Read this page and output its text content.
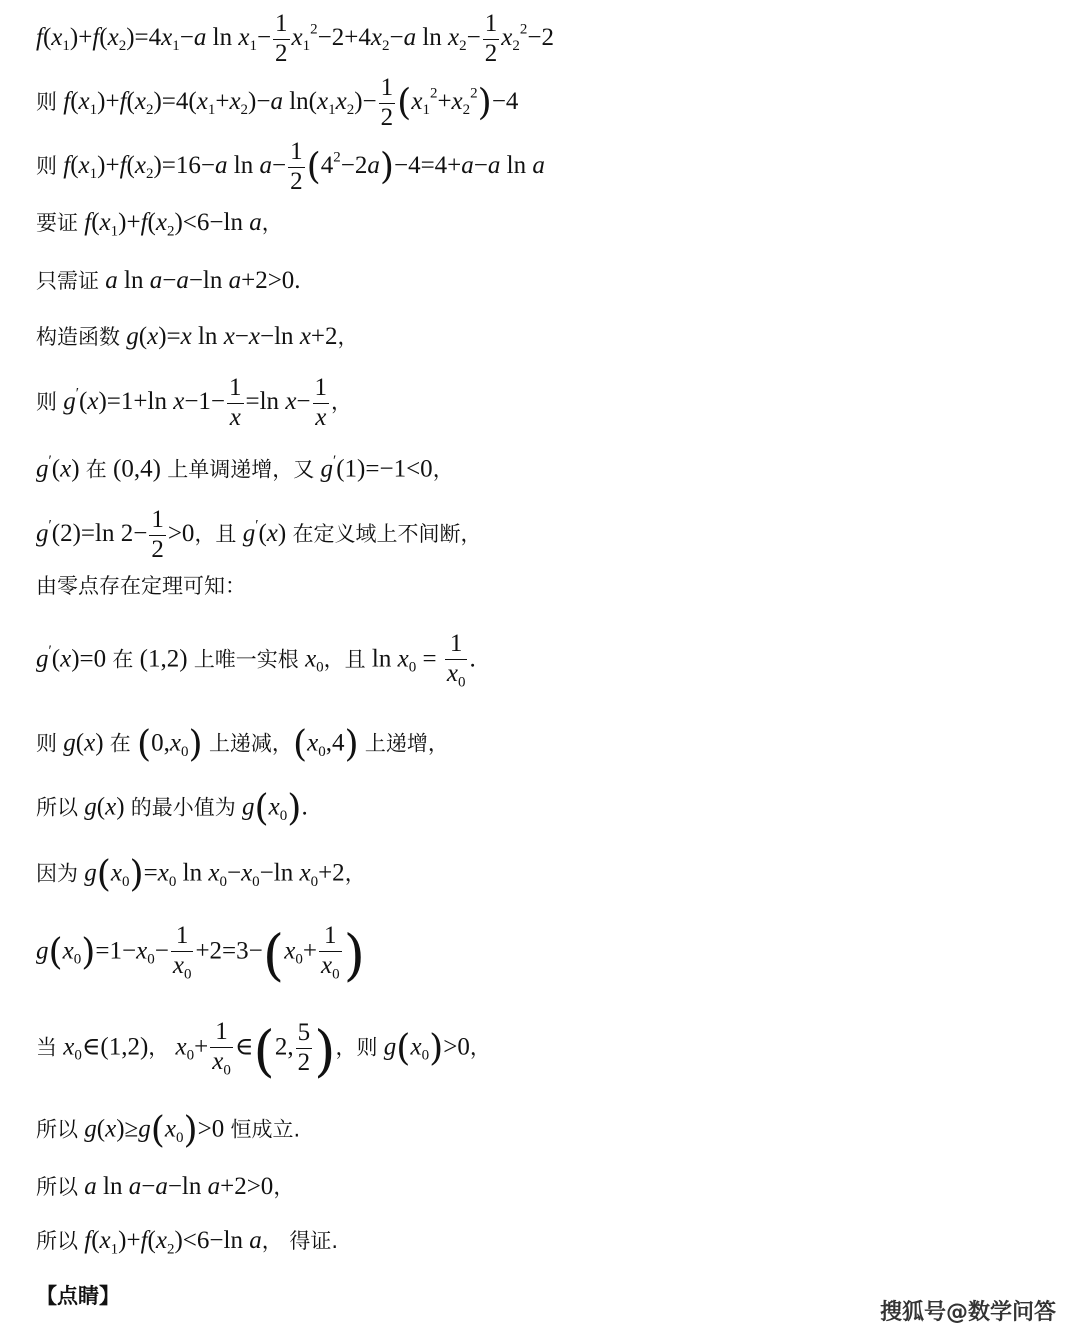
$f(x_1)+f(x_2)=4x_1-a$ $\ln x_1- \frac{1}{2} x_1^2-2+4x_2-a$ $\ln x_2- \frac{1}{2} x_2^2-2$
则 $f(x_1)+f(x_2)=4(x_1+x_2)-a$ $\ln(x_1x_2)- \frac{1}{2} (x_1^2+x_2^2)-4$
则 $f(x_1)+f(x_2)=16-a$ $\ln a- \frac{1}{2} (4^2-2a)-4=4+a-a$ ln a
要证 $f(x_1)+f(x_2)<6-\ln$ a，
只需证 a ln a−a−ln a+2>0.
构造函数 g(x)=x ln x−x−ln x+2，
则 g′(x)=1+ln $x-1- \frac{1}{x} =\ln$ $x- \frac{1}{x}$ ，
g′(x) 在 (0,4) 上单调递增，又 g′(1)=−1<0，
g′(2)=ln $2- \frac{1}{2} >0$，且 g′(x) 在定义域上不间断，
由零点存在定理可知：
g′(x)=0 在 (1,2) 上唯一实根 $x_0$，且 $\ln x_0 = \frac{1}{x_0}$ .
则 g(x) 在 $(0,x_0)$ 上递减，$(x_0,4)$ 上递增，
所以 g(x) 的最小值为 $g(x_0)$.
因为 $g(x_0)=x_0$ $\ln x_0-x_0-\ln$ $x_0+2$，
$g(x_0)=1-x_0- \frac{1}{x_0} +2=3-(x_0+ \frac{1}{x_0}$ )
当 $x_0\in(1,2)$， $x_0+ \frac{1}{x_0}$ ∈(2, $\frac{5}{2}$ )，则 $g(x_0)>0$，
所以 $g(x)\ge g(x_0)>0$ 恒成立.
所以 a ln a−a−ln a+2>0，
所以 $f(x_1)+f(x_2)<6-\ln$ a， 得证.
【点睛】
搜狐号@数学问答
